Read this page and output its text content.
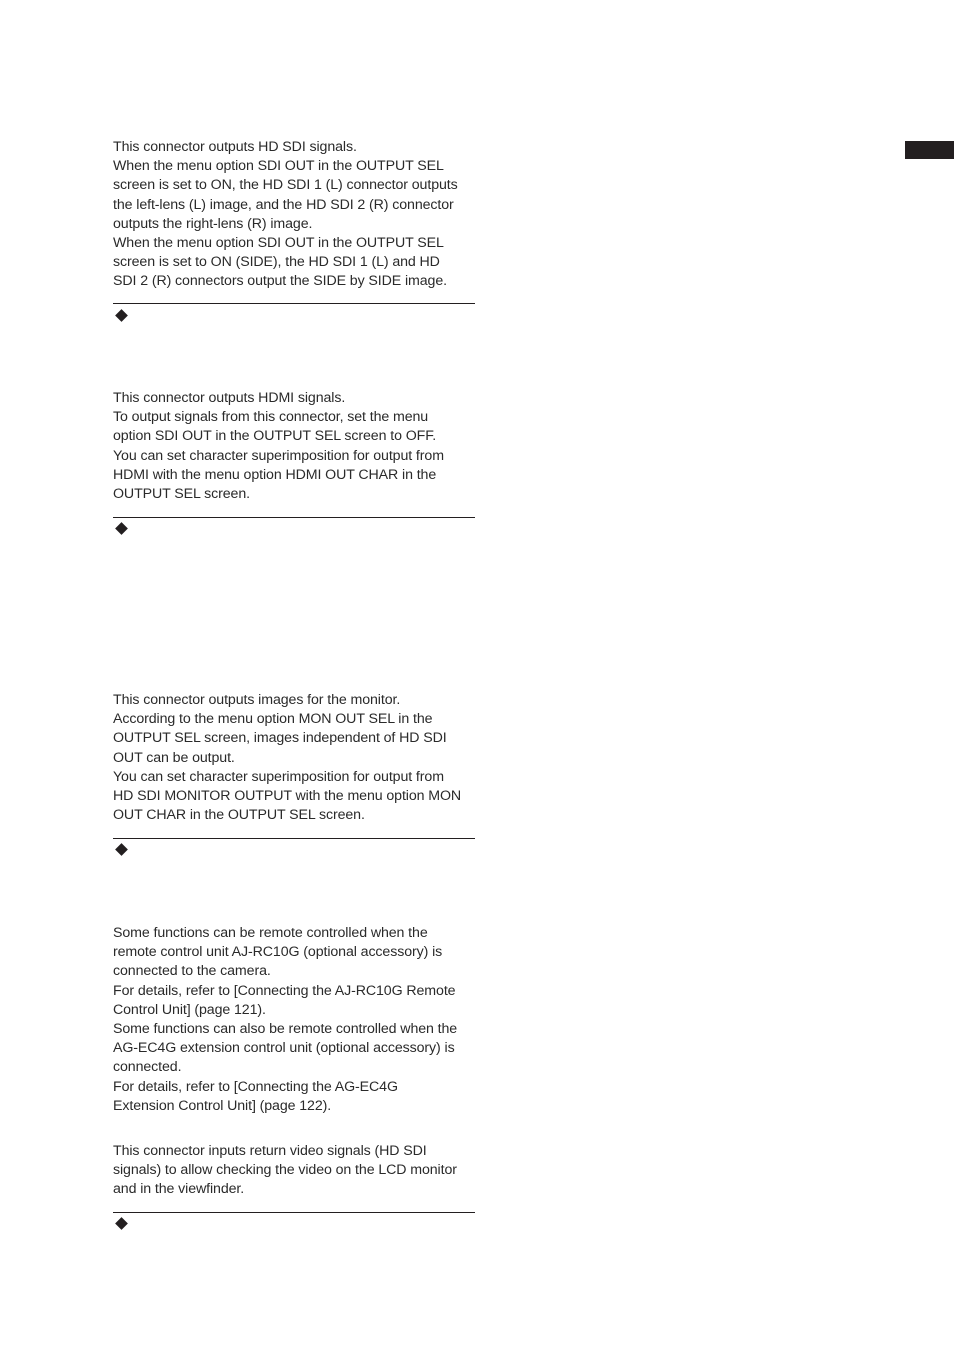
This connector outputs HD SDI signals.
When the menu option SDI OUT in the OUTPUT SEL
screen is set to ON, the HD SDI 1 (L) connector outputs
the left-lens (L) image, and the HD SDI 2 (R) connector
outputs the right-lens (R) image.
When the menu option SDI OUT in the OUTPUT SEL
screen is set to ON (SIDE), the HD SDI 1 (L) and HD
SDI 2 (R) connectors output the SIDE by SIDE image.

This connector outputs HDMI signals.
To output signals from this connector, set the menu
option SDI OUT in the OUTPUT SEL screen to OFF.
You can set character superimposition for output from
HDMI with the menu option HDMI OUT CHAR in the
OUTPUT SEL screen.

This connector outputs images for the monitor.
According to the menu option MON OUT SEL in the
OUTPUT SEL screen, images independent of HD SDI
OUT can be output.
You can set character superimposition for output from
HD SDI MONITOR OUTPUT with the menu option MON
OUT CHAR in the OUTPUT SEL screen.

Some functions can be remote controlled when the
remote control unit AJ-RC10G (optional accessory) is
connected to the camera.
For details, refer to [Connecting the AJ-RC10G Remote
Control Unit] (page 121).
Some functions can also be remote controlled when the
AG-EC4G extension control unit (optional accessory) is
connected.
For details, refer to [Connecting the AG-EC4G
Extension Control Unit] (page 122).

This connector inputs return video signals (HD SDI
signals) to allow checking the video on the LCD monitor
and in the viewfinder.
